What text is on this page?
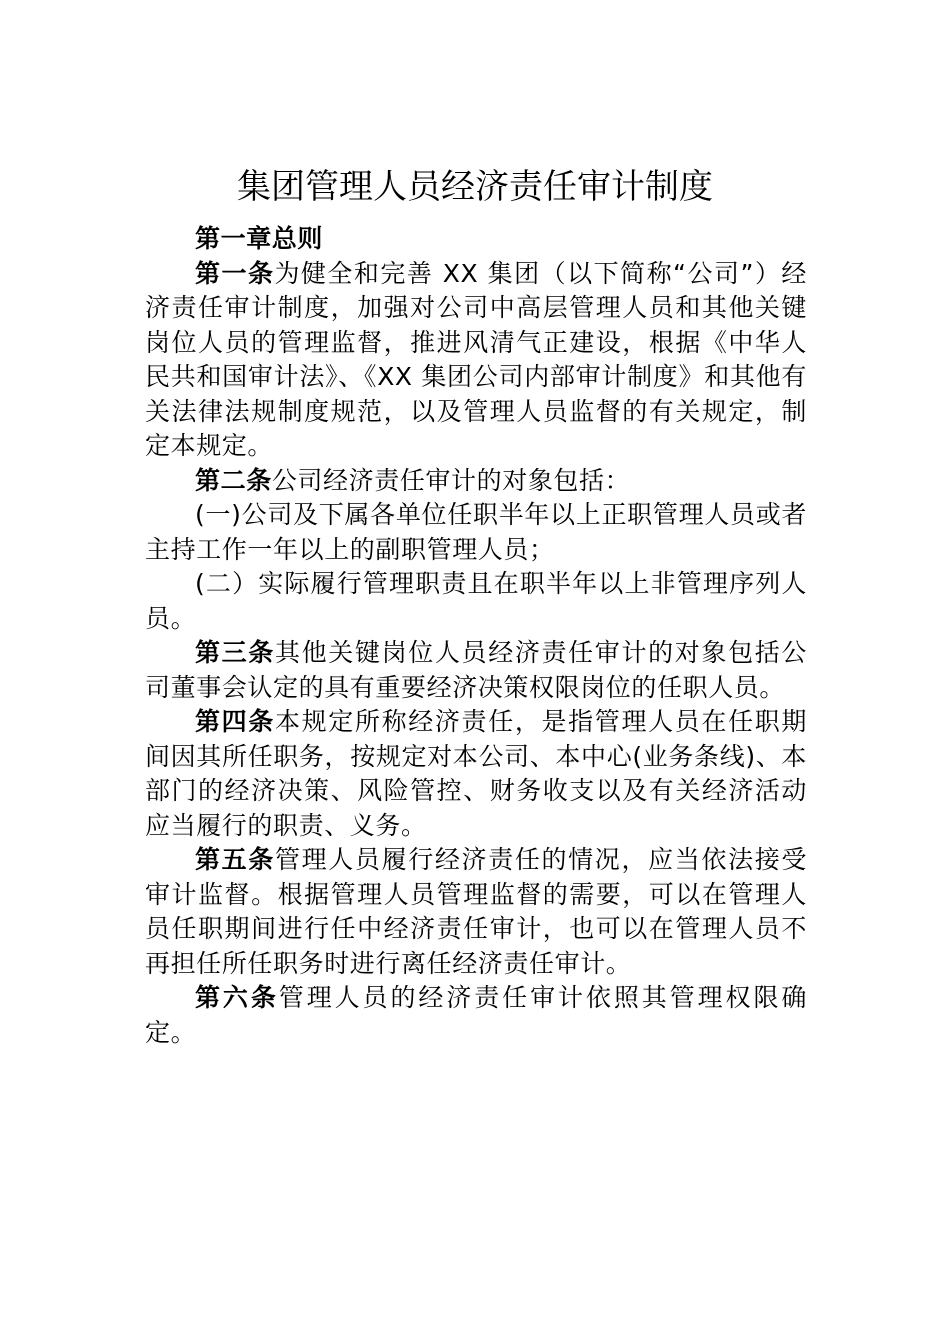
集团管理人员经济责任审计制度

第一章总则

第一条为健全和完善 XX 集团（以下简称“公司”）经济责任审计制度，加强对公司中高层管理人员和其他关键岗位人员的管理监督，推进风清气正建设，根据《中华人民共和国审计法》、《XX 集团公司内部审计制度》和其他有关法律法规制度规范，以及管理人员监督的有关规定，制定本规定。

第二条公司经济责任审计的对象包括：

(一)公司及下属各单位任职半年以上正职管理人员或者主持工作一年以上的副职管理人员；

(二）实际履行管理职责且在职半年以上非管理序列人员。

第三条其他关键岗位人员经济责任审计的对象包括公司董事会认定的具有重要经济决策权限岗位的任职人员。

第四条本规定所称经济责任，是指管理人员在任职期间因其所任职务，按规定对本公司、本中心(业务条线)、本部门的经济决策、风险管控、财务收支以及有关经济活动应当履行的职责、义务。

第五条管理人员履行经济责任的情况，应当依法接受审计监督。根据管理人员管理监督的需要，可以在管理人员任职期间进行任中经济责任审计，也可以在管理人员不再担任所任职务时进行离任经济责任审计。

第六条管理人员的经济责任审计依照其管理权限确定。
